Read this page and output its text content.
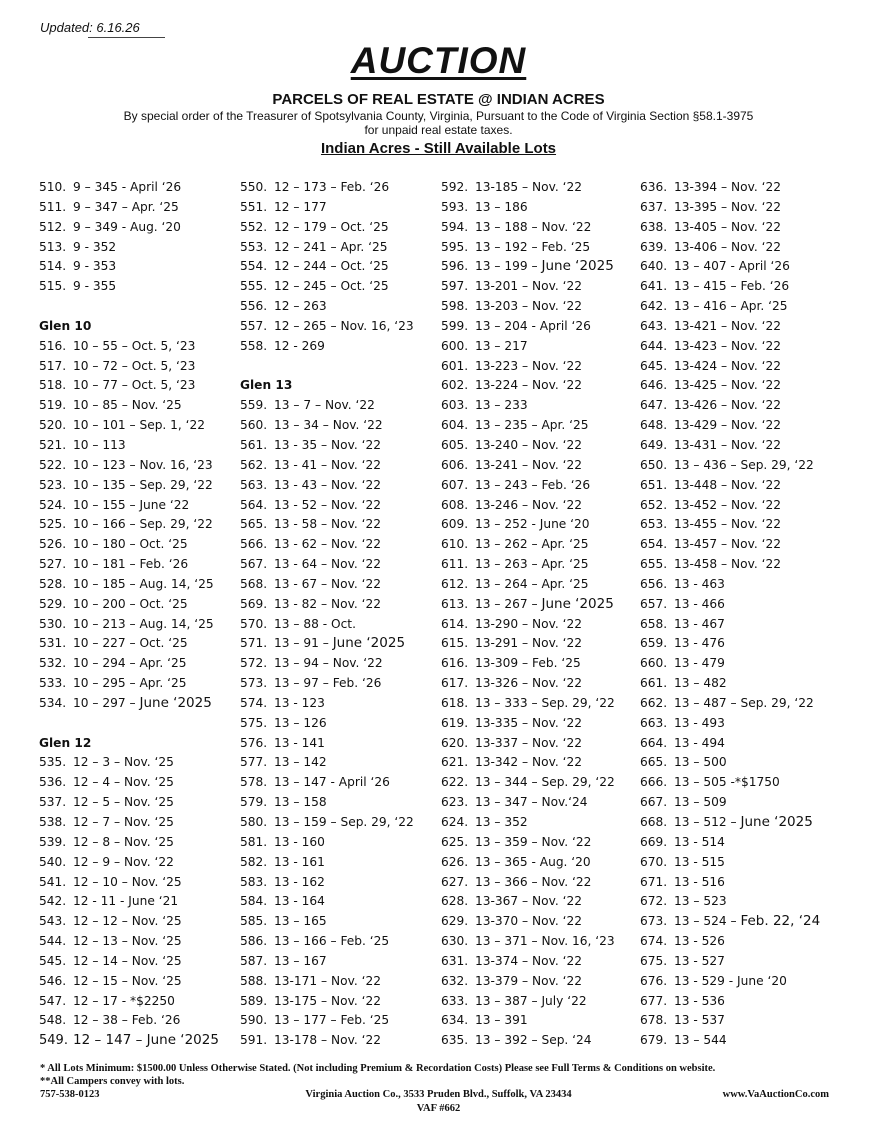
Updated: 6.16.26
AUCTION
PARCELS OF REAL ESTATE @ INDIAN ACRES
By special order of the Treasurer of Spotsylvania County, Virginia, Pursuant to the Code of Virginia Section §58.1-3975
for unpaid real estate taxes.
Indian Acres - Still Available Lots
510. 9 – 345 - April ‘26
511. 9 – 347 – Apr. ‘25
512. 9 – 349 - Aug. ‘20
513. 9 - 352
514. 9 - 353
515. 9 - 355
Glen 10
516. 10 – 55 – Oct. 5, ‘23
517. 10 – 72 – Oct. 5, ‘23
518. 10 – 77 – Oct. 5, ‘23
519. 10 – 85 – Nov. ‘25
520. 10 – 101 – Sep. 1, ‘22
521. 10 – 113
522. 10 – 123 – Nov. 16, ‘23
523. 10 – 135 – Sep. 29, ‘22
524. 10 – 155 – June ‘22
525. 10 – 166 – Sep. 29, ‘22
526. 10 – 180 – Oct. ‘25
527. 10 – 181 – Feb. ‘26
528. 10 – 185 – Aug. 14, ‘25
529. 10 – 200 – Oct. ‘25
530. 10 – 213 – Aug. 14, ‘25
531. 10 – 227 – Oct. ‘25
532. 10 – 294 – Apr. ‘25
533. 10 – 295 – Apr. ‘25
534. 10 – 297 – June ‘2025
Glen 12
535. 12 – 3 – Nov. ‘25
536. 12 – 4 – Nov. ‘25
537. 12 – 5 – Nov. ‘25
538. 12 – 7 – Nov. ‘25
539. 12 – 8 – Nov. ‘25
540. 12 – 9 – Nov. ‘22
541. 12 – 10 – Nov. ‘25
542. 12 - 11 - June ‘21
543. 12 – 12 – Nov. ‘25
544. 12 – 13 – Nov. ‘25
545. 12 – 14 – Nov. ‘25
546. 12 – 15 – Nov. ‘25
547. 12 – 17 - *$2250
548. 12 – 38 – Feb. ‘26
549. 12 – 147 – June ‘2025
550. 12 – 173 – Feb. ‘26
551. 12 – 177
552. 12 – 179 – Oct. ‘25
553. 12 – 241 – Apr. ‘25
554. 12 – 244 – Oct. ‘25
555. 12 – 245 – Oct. ‘25
556. 12 – 263
557. 12 – 265 – Nov. 16, ‘23
558. 12 - 269
Glen 13
559. 13 – 7 – Nov. ‘22
560. 13 – 34 – Nov. ‘22
561. 13 - 35 – Nov. ‘22
562. 13 - 41 – Nov. ‘22
563. 13 - 43 – Nov. ‘22
564. 13 - 52 – Nov. ‘22
565. 13 - 58 – Nov. ‘22
566. 13 - 62 – Nov. ‘22
567. 13 - 64 – Nov. ‘22
568. 13 - 67 – Nov. ‘22
569. 13 - 82 – Nov. ‘22
570. 13 – 88 - Oct.
571. 13 – 91 – June ‘2025
572. 13 – 94 – Nov. ‘22
573. 13 – 97 – Feb. ‘26
574. 13 - 123
575. 13 – 126
576. 13 - 141
577. 13 – 142
578. 13 – 147 - April ‘26
579. 13 – 158
580. 13 – 159 – Sep. 29, ‘22
581. 13 - 160
582. 13 - 161
583. 13 - 162
584. 13 - 164
585. 13 – 165
586. 13 – 166 – Feb. ‘25
587. 13 – 167
588. 13-171 – Nov. ‘22
589. 13-175 – Nov. ‘22
590. 13 – 177 – Feb. ‘25
591. 13-178 – Nov. ‘22
592. 13-185 – Nov. ‘22
593. 13 – 186
594. 13 – 188 – Nov. ‘22
595. 13 – 192 – Feb. ‘25
596. 13 – 199 – June ‘2025
597. 13-201 – Nov. ‘22
598. 13-203 – Nov. ‘22
599. 13 – 204 - April ‘26
600. 13 – 217
601. 13-223 – Nov. ‘22
602. 13-224 – Nov. ‘22
603. 13 – 233
604. 13 – 235 – Apr. ‘25
605. 13-240 – Nov. ‘22
606. 13-241 – Nov. ‘22
607. 13 – 243 – Feb. ‘26
608. 13-246 – Nov. ‘22
609. 13 – 252 - June ‘20
610. 13 – 262 – Apr. ‘25
611. 13 – 263 – Apr. ‘25
612. 13 – 264 – Apr. ‘25
613. 13 – 267 – June ‘2025
614. 13-290 – Nov. ‘22
615. 13-291 – Nov. ‘22
616. 13-309 – Feb. ‘25
617. 13-326 – Nov. ‘22
618. 13 – 333 – Sep. 29, ‘22
619. 13-335 – Nov. ‘22
620. 13-337 – Nov. ‘22
621. 13-342 – Nov. ‘22
622. 13 – 344 – Sep. 29, ‘22
623. 13 – 347 – Nov.‘24
624. 13 – 352
625. 13 – 359 – Nov. ‘22
626. 13 – 365 - Aug. ‘20
627. 13 – 366 – Nov. ‘22
628. 13-367 – Nov. ‘22
629. 13-370 – Nov. ‘22
630. 13 – 371 – Nov. 16, ‘23
631. 13-374 – Nov. ‘22
632. 13-379 – Nov. ‘22
633. 13 – 387 – July ‘22
634. 13 – 391
635. 13 – 392 – Sep. ‘24
636. 13-394 – Nov. ‘22
637. 13-395 – Nov. ‘22
638. 13-405 – Nov. ‘22
639. 13-406 – Nov. ‘22
640. 13 – 407 - April ‘26
641. 13 – 415 – Feb. ‘26
642. 13 – 416 – Apr. ‘25
643. 13-421 – Nov. ‘22
644. 13-423 – Nov. ‘22
645. 13-424 – Nov. ‘22
646. 13-425 – Nov. ‘22
647. 13-426 – Nov. ‘22
648. 13-429 – Nov. ‘22
649. 13-431 – Nov. ‘22
650. 13 – 436 – Sep. 29, ‘22
651. 13-448 – Nov. ‘22
652. 13-452 – Nov. ‘22
653. 13-455 – Nov. ‘22
654. 13-457 – Nov. ‘22
655. 13-458 – Nov. ‘22
656. 13 - 463
657. 13 - 466
658. 13 - 467
659. 13 - 476
660. 13 - 479
661. 13 – 482
662. 13 – 487 – Sep. 29, ‘22
663. 13 - 493
664. 13 - 494
665. 13 – 500
666. 13 – 505 -*$1750
667. 13 – 509
668. 13 – 512 – June ‘2025
669. 13 - 514
670. 13 - 515
671. 13 - 516
672. 13 – 523
673. 13 – 524 – Feb. 22, ‘24
674. 13 - 526
675. 13 - 527
676. 13 - 529 - June ‘20
677. 13 - 536
678. 13 - 537
679. 13 – 544
* All Lots Minimum: $1500.00 Unless Otherwise Stated. (Not including Premium & Recordation Costs) Please see Full Terms & Conditions on website.
**All Campers convey with lots.
757-538-0123	Virginia Auction Co., 3533 Pruden Blvd., Suffolk, VA 23434	www.VaAuctionCo.com
VAF #662
